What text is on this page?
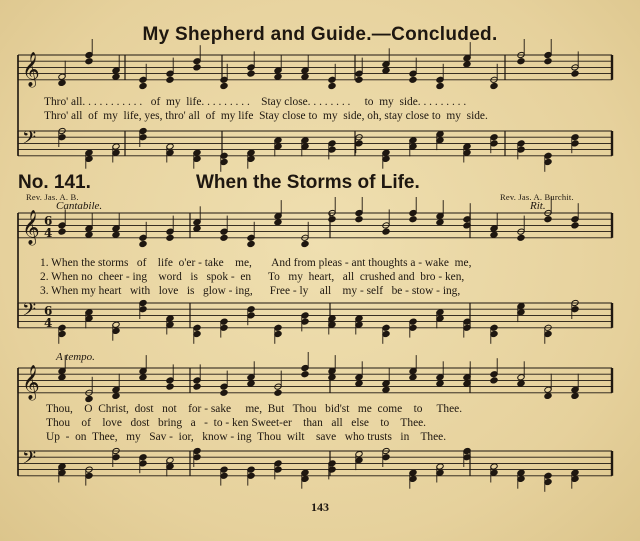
My Shepherd and Guide.—Concluded.
𝄞
𝄢
𝄞 6
4
𝄢 6
4
𝄞
𝄢
Thro' all. . . . . . . . . . .   of  my  life. . . . . . . . .    Stay close. . . . . . . .     to  my  side. . . . . . . . .
Thro' all  of  my  life, yes, thro' all  of  my life  Stay close to  my  side, oh, stay close to  my  side.
No. 141.	When the Storms of Life.
Rev. Jas. A. B.	Rev. Jas. A. Burchit.
Cantabile.	Rit.
1. When the storms   of    life  o'er - take    me,       And from pleas - ant thoughts a - wake  me,
2. When no  cheer - ing    word   is   spok -  en      To   my  heart,   all  crushed and  bro - ken,
3. When my heart   with   love   is   glow - ing,      Free - ly    all    my - self   be - stow - ing,
A tempo.
Thou,    O  Christ,  dost   not    for - sake     me,  But   Thou   bid'st   me  come    to     Thee.
Thou    of    love   dost   bring   a   -  to - ken Sweet-er    than   all   else    to    Thee.
Up  -  on  Thee,   my   Sav -  ior,   know - ing  Thou  wilt    save   who trusts   in    Thee.
143
